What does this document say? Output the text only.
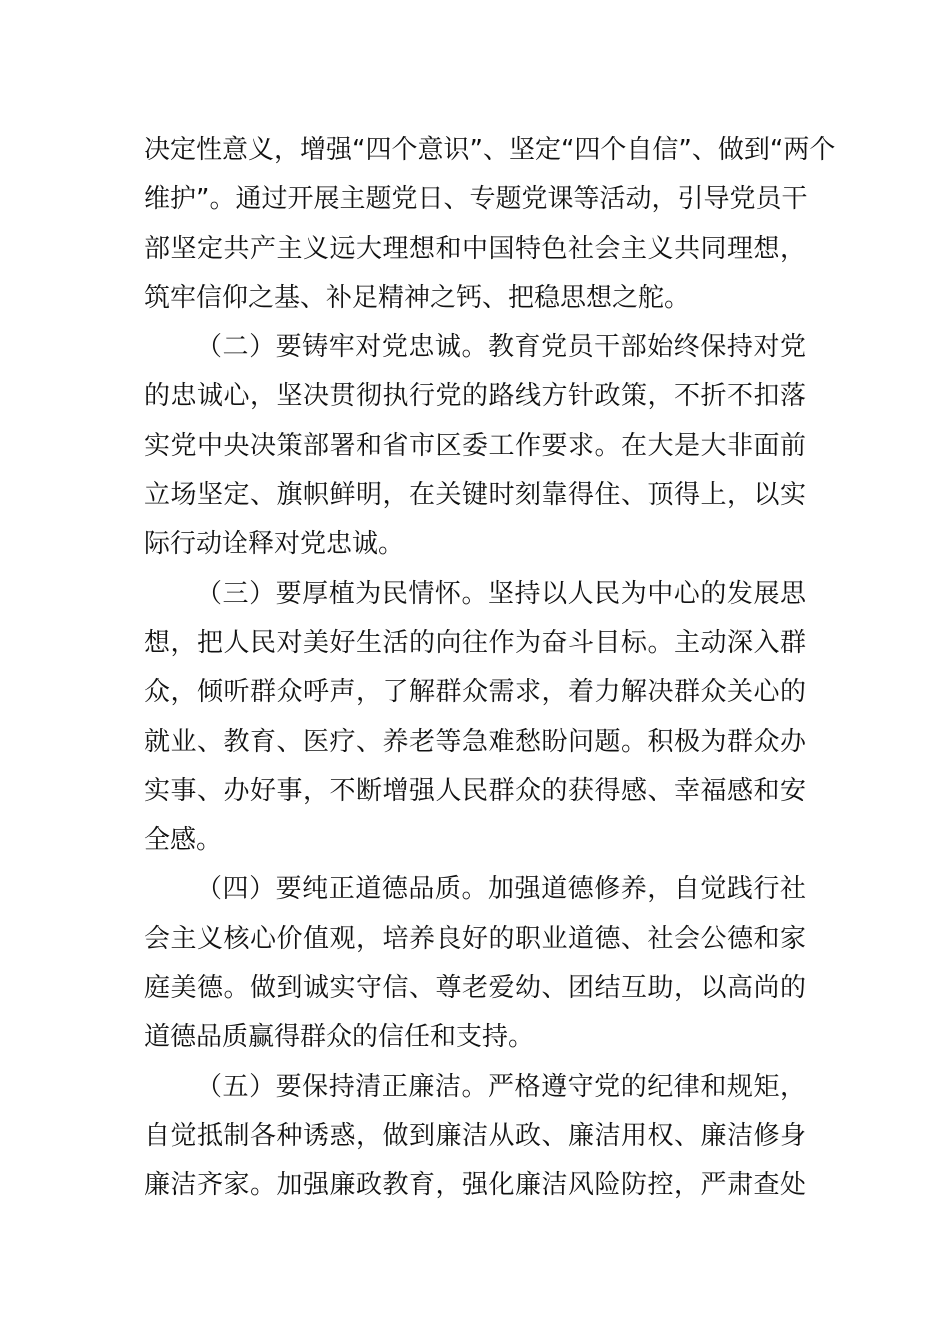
决定性意义，增强“四个意识”、坚定“四个自信”、做到“两个
维护”。通过开展主题党日、专题党课等活动，引导党员干
部坚定共产主义远大理想和中国特色社会主义共同理想，
筑牢信仰之基、补足精神之钙、把稳思想之舵。

（二）要铸牢对党忠诚。教育党员干部始终保持对党
的忠诚心，坚决贯彻执行党的路线方针政策，不折不扣落
实党中央决策部署和省市区委工作要求。在大是大非面前
立场坚定、旗帜鲜明，在关键时刻靠得住、顶得上，以实
际行动诠释对党忠诚。

（三）要厚植为民情怀。坚持以人民为中心的发展思
想，把人民对美好生活的向往作为奋斗目标。主动深入群
众，倾听群众呼声，了解群众需求，着力解决群众关心的
就业、教育、医疗、养老等急难愁盼问题。积极为群众办
实事、办好事，不断增强人民群众的获得感、幸福感和安
全感。

（四）要纯正道德品质。加强道德修养，自觉践行社
会主义核心价值观，培养良好的职业道德、社会公德和家
庭美德。做到诚实守信、尊老爱幼、团结互助，以高尚的
道德品质赢得群众的信任和支持。

（五）要保持清正廉洁。严格遵守党的纪律和规矩，
自觉抵制各种诱惑，做到廉洁从政、廉洁用权、廉洁修身
廉洁齐家。加强廉政教育，强化廉洁风险防控，严肃查处
